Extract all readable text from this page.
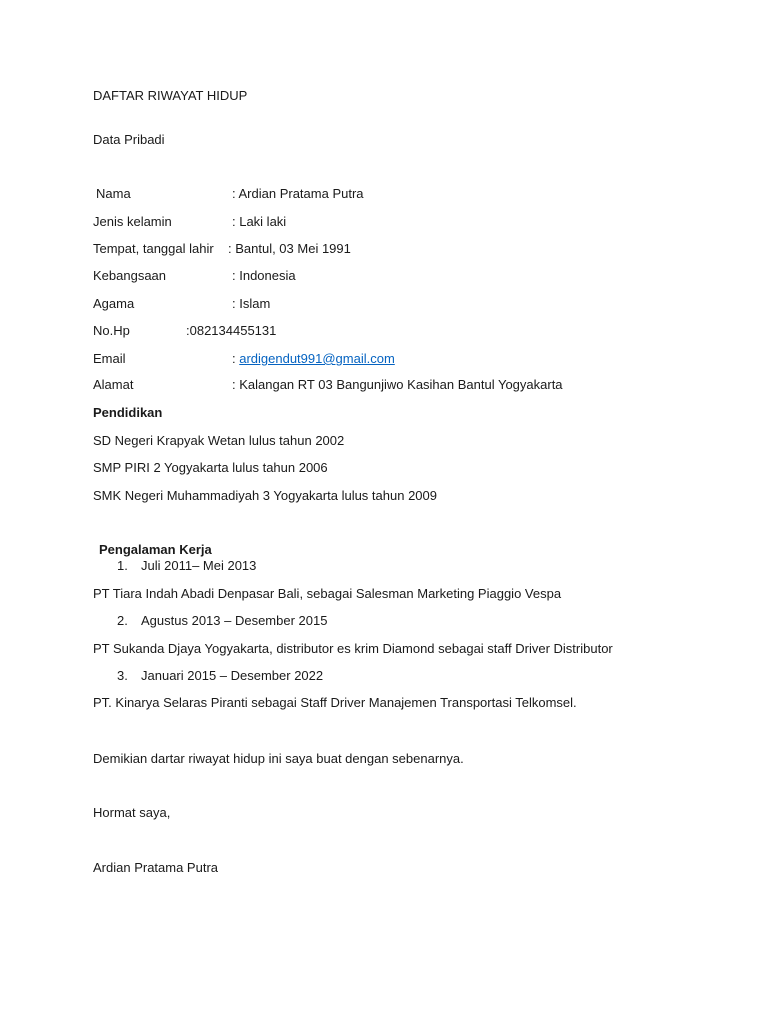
DAFTAR RIWAYAT HIDUP
Data Pribadi
Nama	: Ardian Pratama Putra
Jenis kelamin	: Laki laki
Tempat, tanggal lahir : Bantul, 03 Mei 1991
Kebangsaan	: Indonesia
Agama	: Islam
No.Hp	:082134455131
Email	: ardigendut991@gmail.com
Alamat	: Kalangan RT 03 Bangunjiwo Kasihan Bantul Yogyakarta
Pendidikan
SD Negeri Krapyak Wetan lulus tahun 2002
SMP PIRI 2 Yogyakarta lulus tahun 2006
SMK Negeri Muhammadiyah 3 Yogyakarta lulus tahun 2009
Pengalaman Kerja
1. Juli 2011– Mei 2013
PT Tiara Indah Abadi Denpasar Bali, sebagai Salesman Marketing Piaggio Vespa
2. Agustus 2013 – Desember 2015
PT Sukanda Djaya Yogyakarta, distributor es krim Diamond sebagai staff Driver Distributor
3. Januari 2015 – Desember 2022
PT. Kinarya Selaras Piranti sebagai Staff Driver Manajemen Transportasi Telkomsel.
Demikian dartar riwayat hidup ini saya buat dengan sebenarnya.
Hormat saya,
Ardian Pratama Putra
